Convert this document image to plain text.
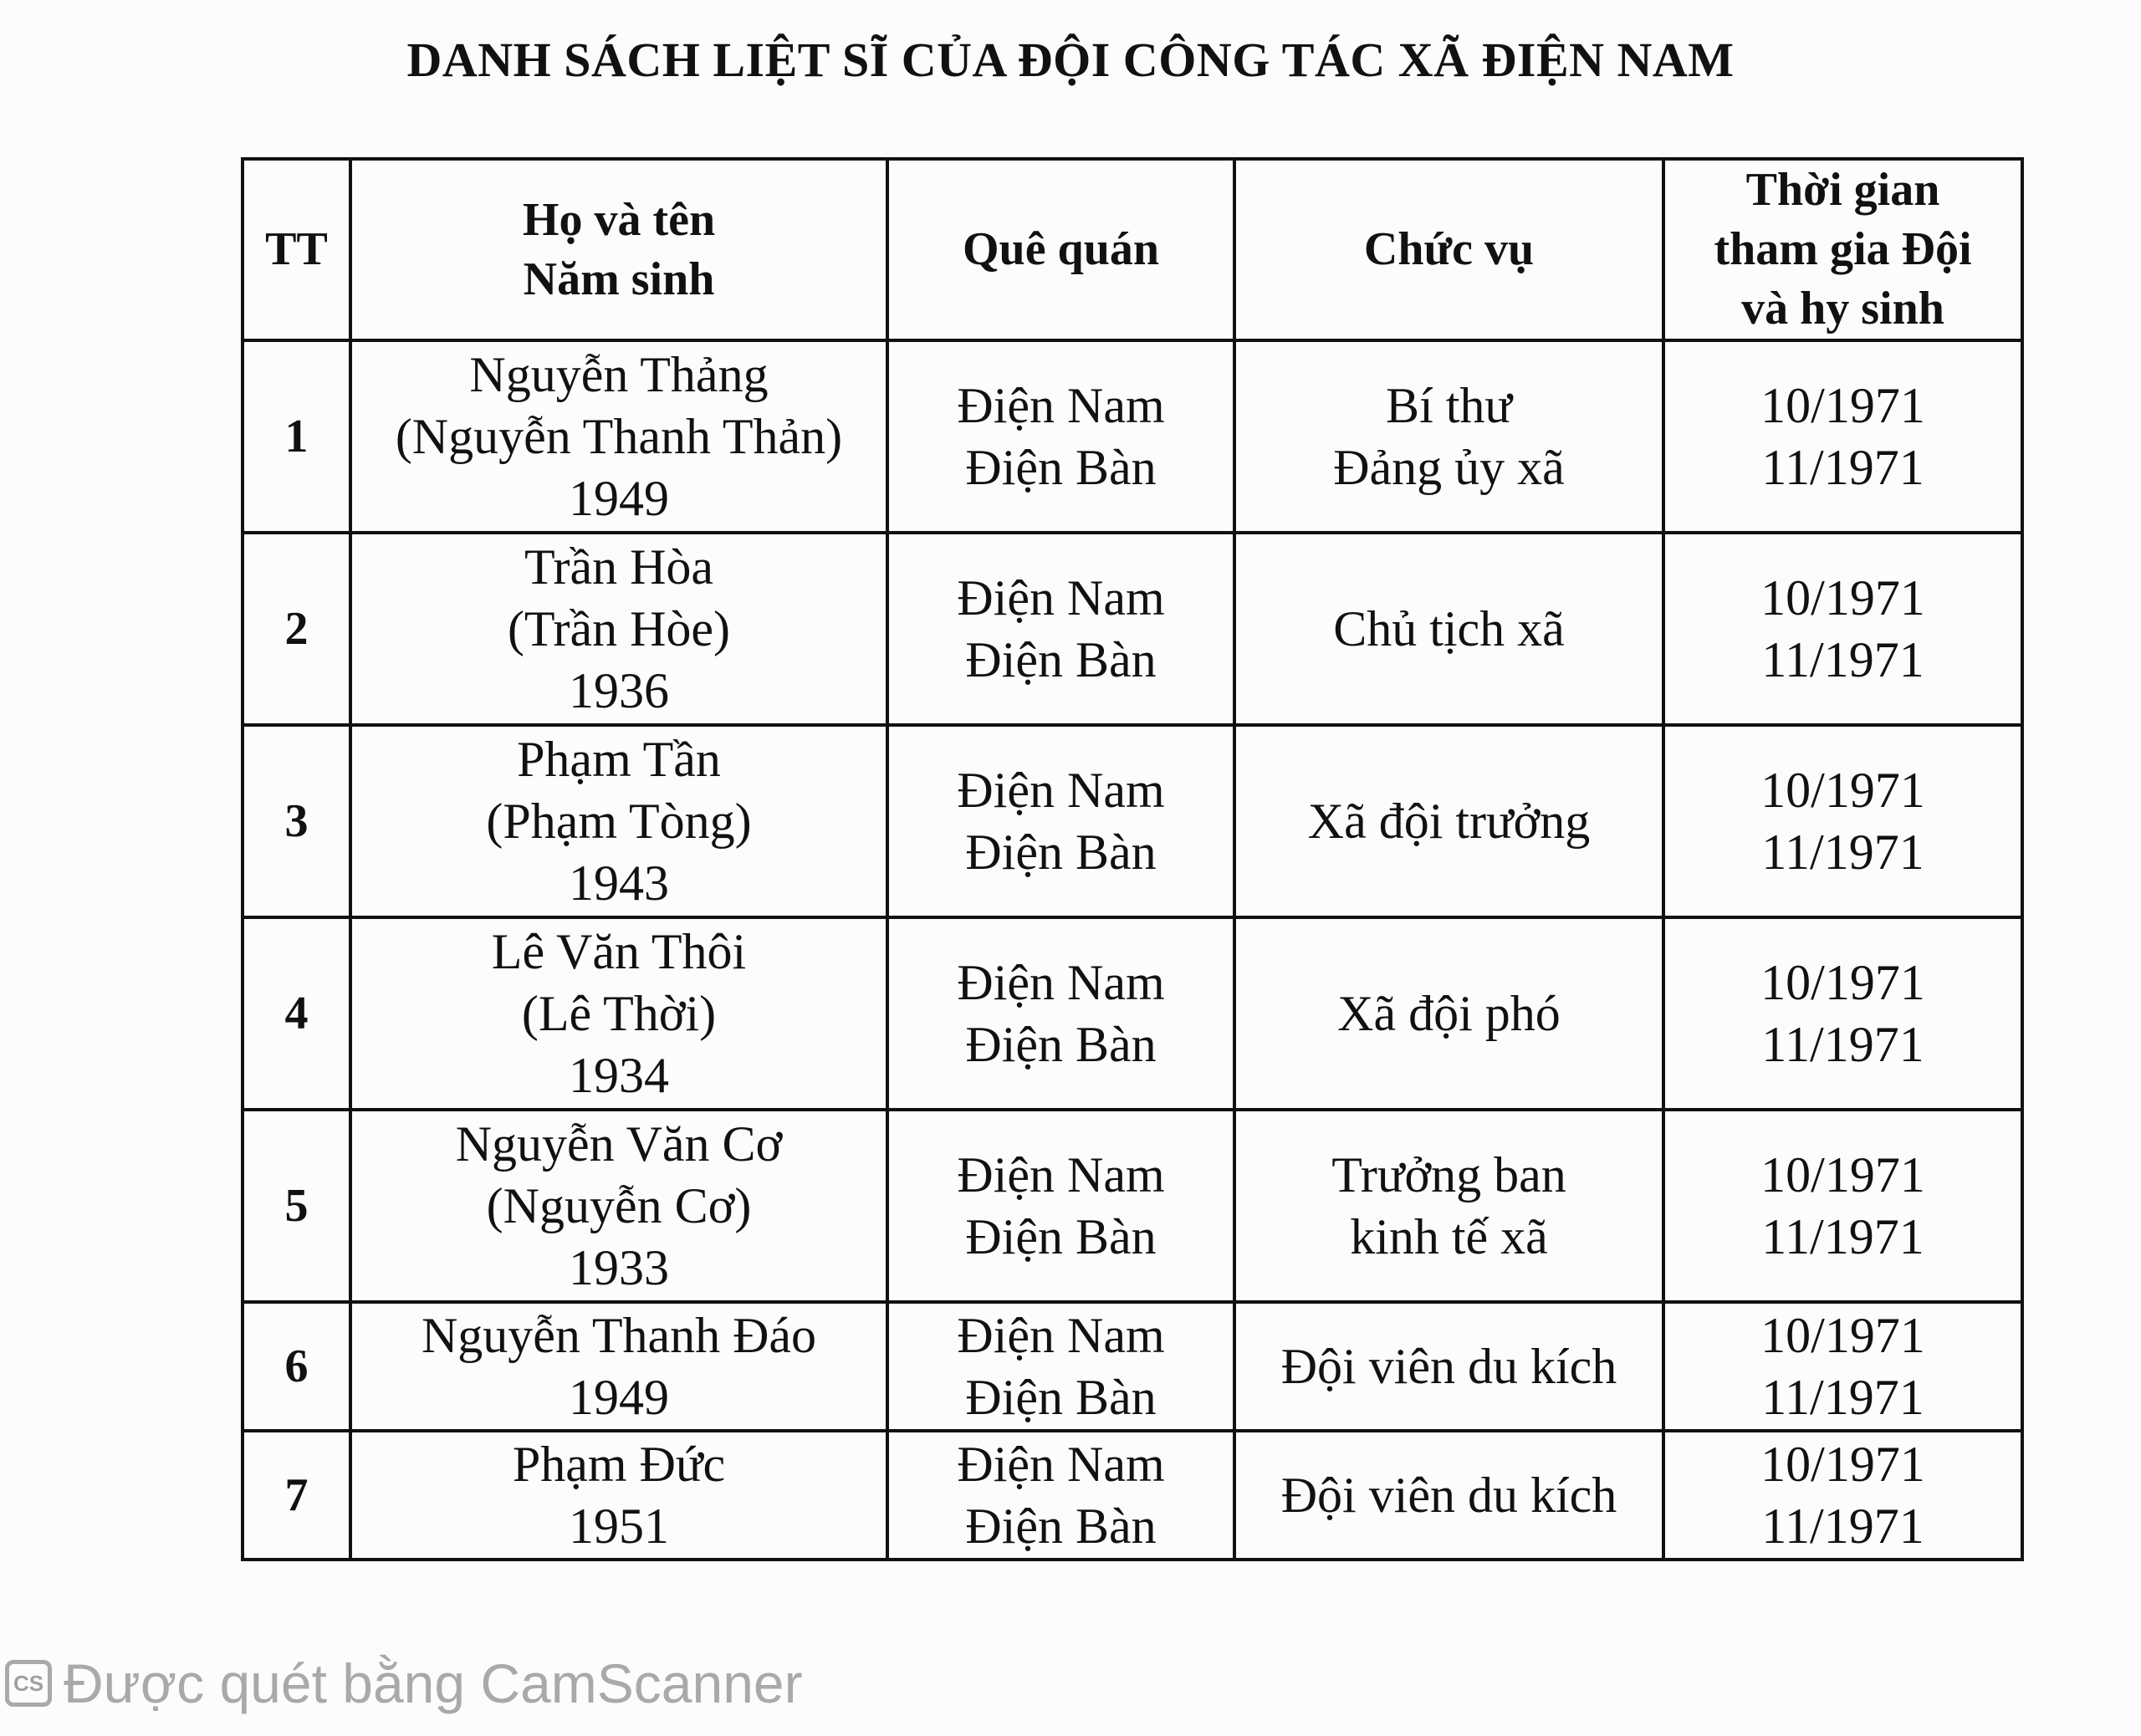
DANH SÁCH LIỆT SĨ CỦA ĐỘI CÔNG TÁC XÃ ĐIỆN NAM
TT	Họ và tên
Năm sinh	Quê quán	Chức vụ	Thời gian
tham gia Đội
và hy sinh

1	Nguyễn Thảng
(Nguyễn Thanh Thản)
1949	Điện Nam
Điện Bàn	Bí thư
Đảng ủy xã	10/1971
11/1971

2	Trần Hòa
(Trần Hòe)
1936	Điện Nam
Điện Bàn	Chủ tịch xã	10/1971
11/1971

3	Phạm Tần
(Phạm Tòng)
1943	Điện Nam
Điện Bàn	Xã đội trưởng	10/1971
11/1971

4	Lê Văn Thôi
(Lê Thời)
1934	Điện Nam
Điện Bàn	Xã đội phó	10/1971
11/1971

5	Nguyễn Văn Cơ
(Nguyễn Cơ)
1933	Điện Nam
Điện Bàn	Trưởng ban
kinh tế xã	10/1971
11/1971

6	Nguyễn Thanh Đáo
1949	Điện Nam
Điện Bàn	Đội viên du kích	10/1971
11/1971

7	Phạm Đức
1951	Điện Nam
Điện Bàn	Đội viên du kích	10/1971
11/1971
CS Được quét bằng CamScanner
